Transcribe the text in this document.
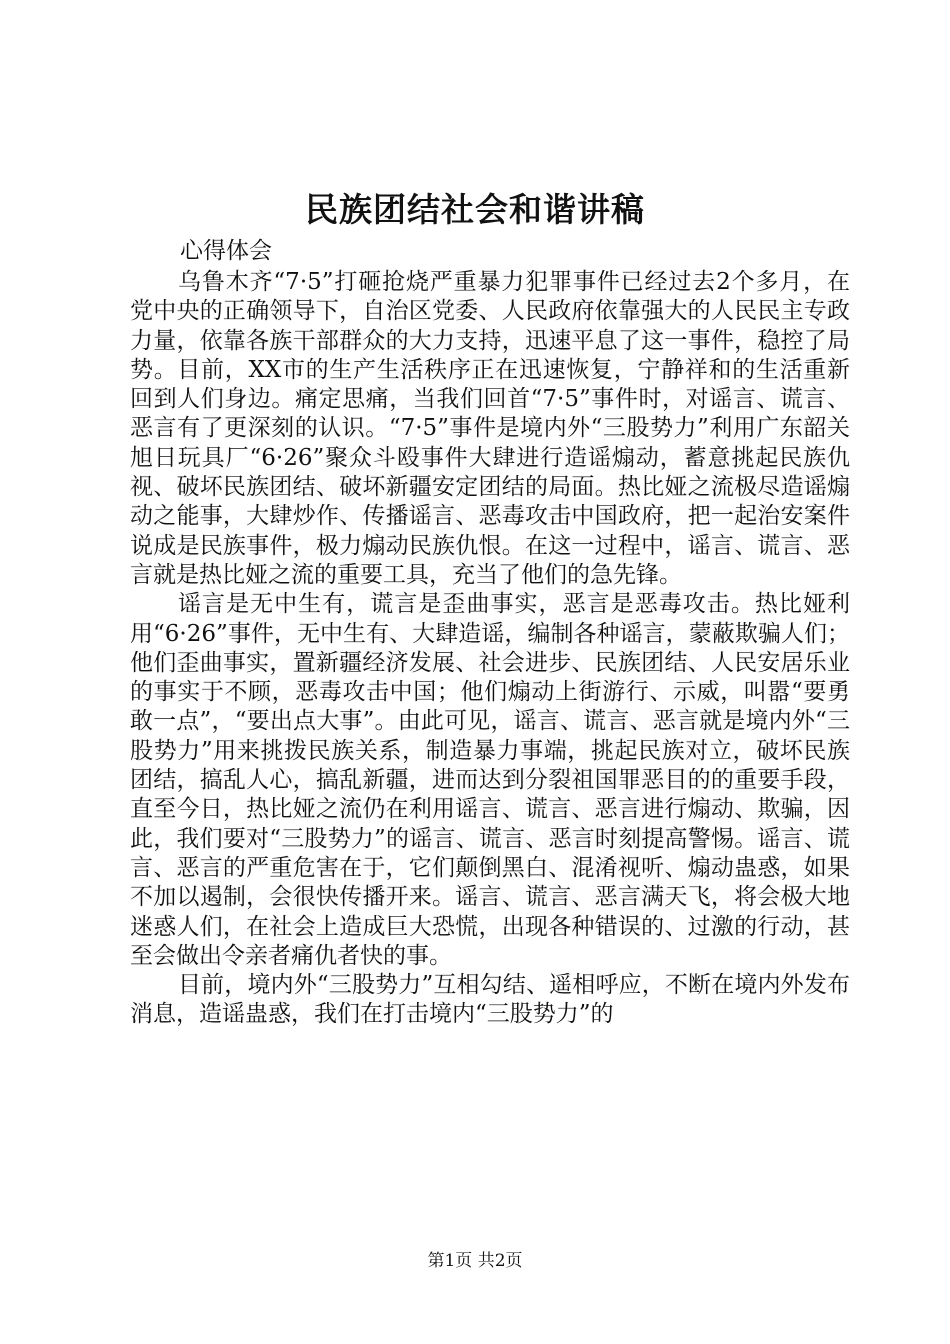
民族团结社会和谐讲稿
心得体会

乌鲁木齐“7·5”打砸抢烧严重暴力犯罪事件已经过去2个多月，在党中央的正确领导下，自治区党委、人民政府依靠强大的人民民主专政力量，依靠各族干部群众的大力支持，迅速平息了这一事件，稳控了局势。目前，XX市的生产生活秩序正在迅速恢复，宁静祥和的生活重新回到人们身边。痛定思痛，当我们回首“7·5”事件时，对谣言、谎言、恶言有了更深刻的认识。“7·5”事件是境内外“三股势力”利用广东韶关旭日玩具厂“6·26”聚众斗殴事件大肆进行造谣煽动，蓄意挑起民族仇视、破坏民族团结、破坏新疆安定团结的局面。热比娅之流极尽造谣煽动之能事，大肆炒作、传播谣言、恶毒攻击中国政府，把一起治安案件说成是民族事件，极力煽动民族仇恨。在这一过程中，谣言、谎言、恶言就是热比娅之流的重要工具，充当了他们的急先锋。

谣言是无中生有，谎言是歪曲事实，恶言是恶毒攻击。热比娅利用“6·26”事件，无中生有、大肆造谣，编制各种谣言，蒙蔽欺骗人们；他们歪曲事实，置新疆经济发展、社会进步、民族团结、人民安居乐业的事实于不顾，恶毒攻击中国；他们煽动上街游行、示威，叫嚣“要勇敢一点”，“要出点大事”。由此可见，谣言、谎言、恶言就是境内外“三股势力”用来挑拨民族关系，制造暴力事端，挑起民族对立，破坏民族团结，搞乱人心，搞乱新疆，进而达到分裂祖国罪恶目的的重要手段，直至今日，热比娅之流仍在利用谣言、谎言、恶言进行煽动、欺骗，因此，我们要对“三股势力”的谣言、谎言、恶言时刻提高警惕。谣言、谎言、恶言的严重危害在于，它们颠倒黑白、混淆视听、煽动蛊惑，如果不加以遏制，会很快传播开来。谣言、谎言、恶言满天飞，将会极大地迷惑人们，在社会上造成巨大恐慌，出现各种错误的、过激的行动，甚至会做出令亲者痛仇者快的事。

目前，境内外“三股势力”互相勾结、遥相呼应，不断在境内外发布消息，造谣蛊惑，我们在打击境内“三股势力”的

第1页 共2页
